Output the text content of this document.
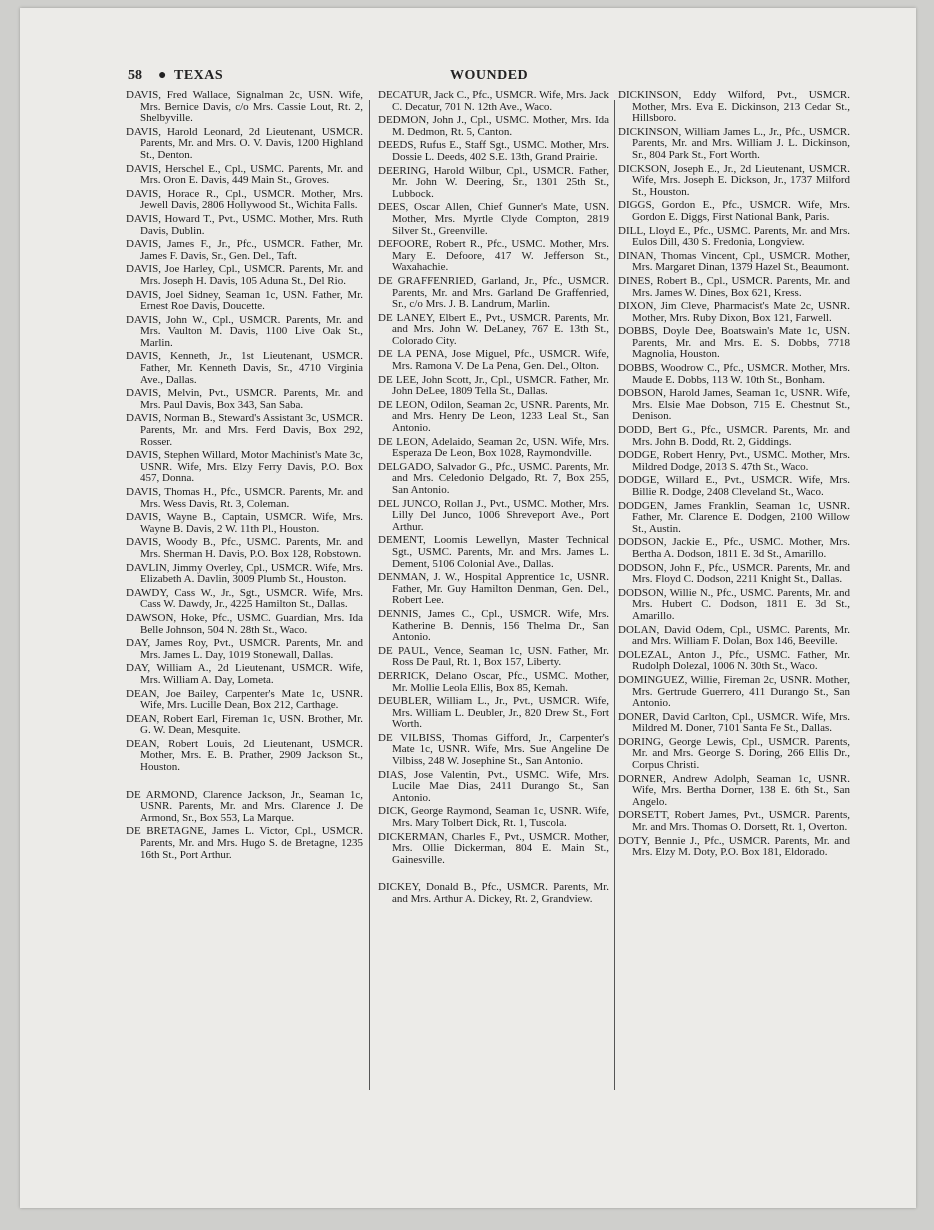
58 ● TEXAS	WOUNDED
DAVIS, Fred Wallace, Signalman 2c, USN. Wife, Mrs. Bernice Davis, c/o Mrs. Cassie Lout, Rt. 2, Shelbyville.
DAVIS, Harold Leonard, 2d Lieutenant, USMCR. Parents, Mr. and Mrs. O. V. Davis, 1200 Highland St., Denton.
DAVIS, Herschel E., Cpl., USMC. Parents, Mr. and Mrs. Oron E. Davis, 449 Main St., Groves.
DAVIS, Horace R., Cpl., USMCR. Mother, Mrs. Jewell Davis, 2806 Hollywood St., Wichita Falls.
DAVIS, Howard T., Pvt., USMC. Mother, Mrs. Ruth Davis, Dublin.
DAVIS, James F., Jr., Pfc., USMCR. Father, Mr. James F. Davis, Sr., Gen. Del., Taft.
DAVIS, Joe Harley, Cpl., USMCR. Parents, Mr. and Mrs. Joseph H. Davis, 105 Aduna St., Del Rio.
DAVIS, Joel Sidney, Seaman 1c, USN. Father, Mr. Ernest Roe Davis, Doucette.
DAVIS, John W., Cpl., USMCR. Parents, Mr. and Mrs. Vaulton M. Davis, 1100 Live Oak St., Marlin.
DAVIS, Kenneth, Jr., 1st Lieutenant, USMCR. Father, Mr. Kenneth Davis, Sr., 4710 Virginia Ave., Dallas.
DAVIS, Melvin, Pvt., USMCR. Parents, Mr. and Mrs. Paul Davis, Box 343, San Saba.
DAVIS, Norman B., Steward's Assistant 3c, USMCR. Parents, Mr. and Mrs. Ferd Davis, Box 292, Rosser.
DAVIS, Stephen Willard, Motor Machinist's Mate 3c, USNR. Wife, Mrs. Elzy Ferry Davis, P.O. Box 457, Donna.
DAVIS, Thomas H., Pfc., USMCR. Parents, Mr. and Mrs. Wess Davis, Rt. 3, Coleman.
DAVIS, Wayne B., Captain, USMCR. Wife, Mrs. Wayne B. Davis, 2 W. 11th Pl., Houston.
DAVIS, Woody B., Pfc., USMC. Parents, Mr. and Mrs. Sherman H. Davis, P.O. Box 128, Robstown.
DAVLIN, Jimmy Overley, Cpl., USMCR. Wife, Mrs. Elizabeth A. Davlin, 3009 Plumb St., Houston.
DAWDY, Cass W., Jr., Sgt., USMCR. Wife, Mrs. Cass W. Dawdy, Jr., 4225 Hamilton St., Dallas.
DAWSON, Hoke, Pfc., USMC. Guardian, Mrs. Ida Belle Johnson, 504 N. 28th St., Waco.
DAY, James Roy, Pvt., USMCR. Parents, Mr. and Mrs. James L. Day, 1019 Stonewall, Dallas.
DAY, William A., 2d Lieutenant, USMCR. Wife, Mrs. William A. Day, Lometa.
DEAN, Joe Bailey, Carpenter's Mate 1c, USNR. Wife, Mrs. Lucille Dean, Box 212, Carthage.
DEAN, Robert Earl, Fireman 1c, USN. Brother, Mr. G. W. Dean, Mesquite.
DEAN, Robert Louis, 2d Lieutenant, USMCR. Mother, Mrs. E. B. Prather, 2909 Jackson St., Houston.
DE ARMOND, Clarence Jackson, Jr., Seaman 1c, USNR. Parents, Mr. and Mrs. Clarence J. De Armond, Sr., Box 553, La Marque.
DE BRETAGNE, James L. Victor, Cpl., USMCR. Parents, Mr. and Mrs. Hugo S. de Bretagne, 1235 16th St., Port Arthur.
DECATUR, Jack C., Pfc., USMCR. Wife, Mrs. Jack C. Decatur, 701 N. 12th Ave., Waco.
DEDMON, John J., Cpl., USMC. Mother, Mrs. Ida M. Dedmon, Rt. 5, Canton.
DEEDS, Rufus E., Staff Sgt., USMC. Mother, Mrs. Dossie L. Deeds, 402 S.E. 13th, Grand Prairie.
DEERING, Harold Wilbur, Cpl., USMCR. Father, Mr. John W. Deering, Sr., 1301 25th St., Lubbock.
DEES, Oscar Allen, Chief Gunner's Mate, USN. Mother, Mrs. Myrtle Clyde Compton, 2819 Silver St., Greenville.
DEFOORE, Robert R., Pfc., USMC. Mother, Mrs. Mary E. Defoore, 417 W. Jefferson St., Waxahachie.
DE GRAFFENRIED, Garland, Jr., Pfc., USMCR. Parents, Mr. and Mrs. Garland De Graffenried, Sr., c/o Mrs. J. B. Landrum, Marlin.
DE LANEY, Elbert E., Pvt., USMCR. Parents, Mr. and Mrs. John W. DeLaney, 767 E. 13th St., Colorado City.
DE LA PENA, Jose Miguel, Pfc., USMCR. Wife, Mrs. Ramona V. De La Pena, Gen. Del., Olton.
DE LEE, John Scott, Jr., Cpl., USMCR. Father, Mr. John DeLee, 1809 Tella St., Dallas.
DE LEON, Odilon, Seaman 2c, USNR. Parents, Mr. and Mrs. Henry De Leon, 1233 Leal St., San Antonio.
DE LEON, Adelaido, Seaman 2c, USN. Wife, Mrs. Esperaza De Leon, Box 1028, Raymondville.
DELGADO, Salvador G., Pfc., USMC. Parents, Mr. and Mrs. Celedonio Delgado, Rt. 7, Box 255, San Antonio.
DEL JUNCO, Rollan J., Pvt., USMC. Mother, Mrs. Lilly Del Junco, 1006 Shreveport Ave., Port Arthur.
DEMENT, Loomis Lewellyn, Master Technical Sgt., USMC. Parents, Mr. and Mrs. James L. Dement, 5106 Colonial Ave., Dallas.
DENMAN, J. W., Hospital Apprentice 1c, USNR. Father, Mr. Guy Hamilton Denman, Gen. Del., Robert Lee.
DENNIS, James C., Cpl., USMCR. Wife, Mrs. Katherine B. Dennis, 156 Thelma Dr., San Antonio.
DE PAUL, Vence, Seaman 1c, USN. Father, Mr. Ross De Paul, Rt. 1, Box 157, Liberty.
DERRICK, Delano Oscar, Pfc., USMC. Mother, Mr. Mollie Leola Ellis, Box 85, Kemah.
DEUBLER, William L., Jr., Pvt., USMCR. Wife, Mrs. William L. Deubler, Jr., 820 Drew St., Fort Worth.
DE VILBISS, Thomas Gifford, Jr., Carpenter's Mate 1c, USNR. Wife, Mrs. Sue Angeline De Vilbiss, 248 W. Josephine St., San Antonio.
DIAS, Jose Valentin, Pvt., USMC. Wife, Mrs. Lucile Mae Dias, 2411 Durango St., San Antonio.
DICK, George Raymond, Seaman 1c, USNR. Wife, Mrs. Mary Tolbert Dick, Rt. 1, Tuscola.
DICKERMAN, Charles F., Pvt., USMCR. Mother, Mrs. Ollie Dickerman, 804 E. Main St., Gainesville.
DICKEY, Donald B., Pfc., USMCR. Parents, Mr. and Mrs. Arthur A. Dickey, Rt. 2, Grandview.
DICKINSON, Eddy Wilford, Pvt., USMCR. Mother, Mrs. Eva E. Dickinson, 213 Cedar St., Hillsboro.
DICKINSON, William James L., Jr., Pfc., USMCR. Parents, Mr. and Mrs. William J. L. Dickinson, Sr., 804 Park St., Fort Worth.
DICKSON, Joseph E., Jr., 2d Lieutenant, USMCR. Wife, Mrs. Joseph E. Dickson, Jr., 1737 Milford St., Houston.
DIGGS, Gordon E., Pfc., USMCR. Wife, Mrs. Gordon E. Diggs, First National Bank, Paris.
DILL, Lloyd E., Pfc., USMC. Parents, Mr. and Mrs. Eulos Dill, 430 S. Fredonia, Longview.
DINAN, Thomas Vincent, Cpl., USMCR. Mother, Mrs. Margaret Dinan, 1379 Hazel St., Beaumont.
DINES, Robert B., Cpl., USMCR. Parents, Mr. and Mrs. James W. Dines, Box 621, Kress.
DIXON, Jim Cleve, Pharmacist's Mate 2c, USNR. Mother, Mrs. Ruby Dixon, Box 121, Farwell.
DOBBS, Doyle Dee, Boatswain's Mate 1c, USN. Parents, Mr. and Mrs. E. S. Dobbs, 7718 Magnolia, Houston.
DOBBS, Woodrow C., Pfc., USMCR. Mother, Mrs. Maude E. Dobbs, 113 W. 10th St., Bonham.
DOBSON, Harold James, Seaman 1c, USNR. Wife, Mrs. Elsie Mae Dobson, 715 E. Chestnut St., Denison.
DODD, Bert G., Pfc., USMCR. Parents, Mr. and Mrs. John B. Dodd, Rt. 2, Giddings.
DODGE, Robert Henry, Pvt., USMC. Mother, Mrs. Mildred Dodge, 2013 S. 47th St., Waco.
DODGE, Willard E., Pvt., USMCR. Wife, Mrs. Billie R. Dodge, 2408 Cleveland St., Waco.
DODGEN, James Franklin, Seaman 1c, USNR. Father, Mr. Clarence E. Dodgen, 2100 Willow St., Austin.
DODSON, Jackie E., Pfc., USMC. Mother, Mrs. Bertha A. Dodson, 1811 E. 3d St., Amarillo.
DODSON, John F., Pfc., USMCR. Parents, Mr. and Mrs. Floyd C. Dodson, 2211 Knight St., Dallas.
DODSON, Willie N., Pfc., USMC. Parents, Mr. and Mrs. Hubert C. Dodson, 1811 E. 3d St., Amarillo.
DOLAN, David Odem, Cpl., USMC. Parents, Mr. and Mrs. William F. Dolan, Box 146, Beeville.
DOLEZAL, Anton J., Pfc., USMC. Father, Mr. Rudolph Dolezal, 1006 N. 30th St., Waco.
DOMINGUEZ, Willie, Fireman 2c, USNR. Mother, Mrs. Gertrude Guerrero, 411 Durango St., San Antonio.
DONER, David Carlton, Cpl., USMCR. Wife, Mrs. Mildred M. Doner, 7101 Santa Fe St., Dallas.
DORING, George Lewis, Cpl., USMCR. Parents, Mr. and Mrs. George S. Doring, 266 Ellis Dr., Corpus Christi.
DORNER, Andrew Adolph, Seaman 1c, USNR. Wife, Mrs. Bertha Dorner, 138 E. 6th St., San Angelo.
DORSETT, Robert James, Pvt., USMCR. Parents, Mr. and Mrs. Thomas O. Dorsett, Rt. 1, Overton.
DOTY, Bennie J., Pfc., USMCR. Parents, Mr. and Mrs. Elzy M. Doty, P.O. Box 181, Eldorado.
